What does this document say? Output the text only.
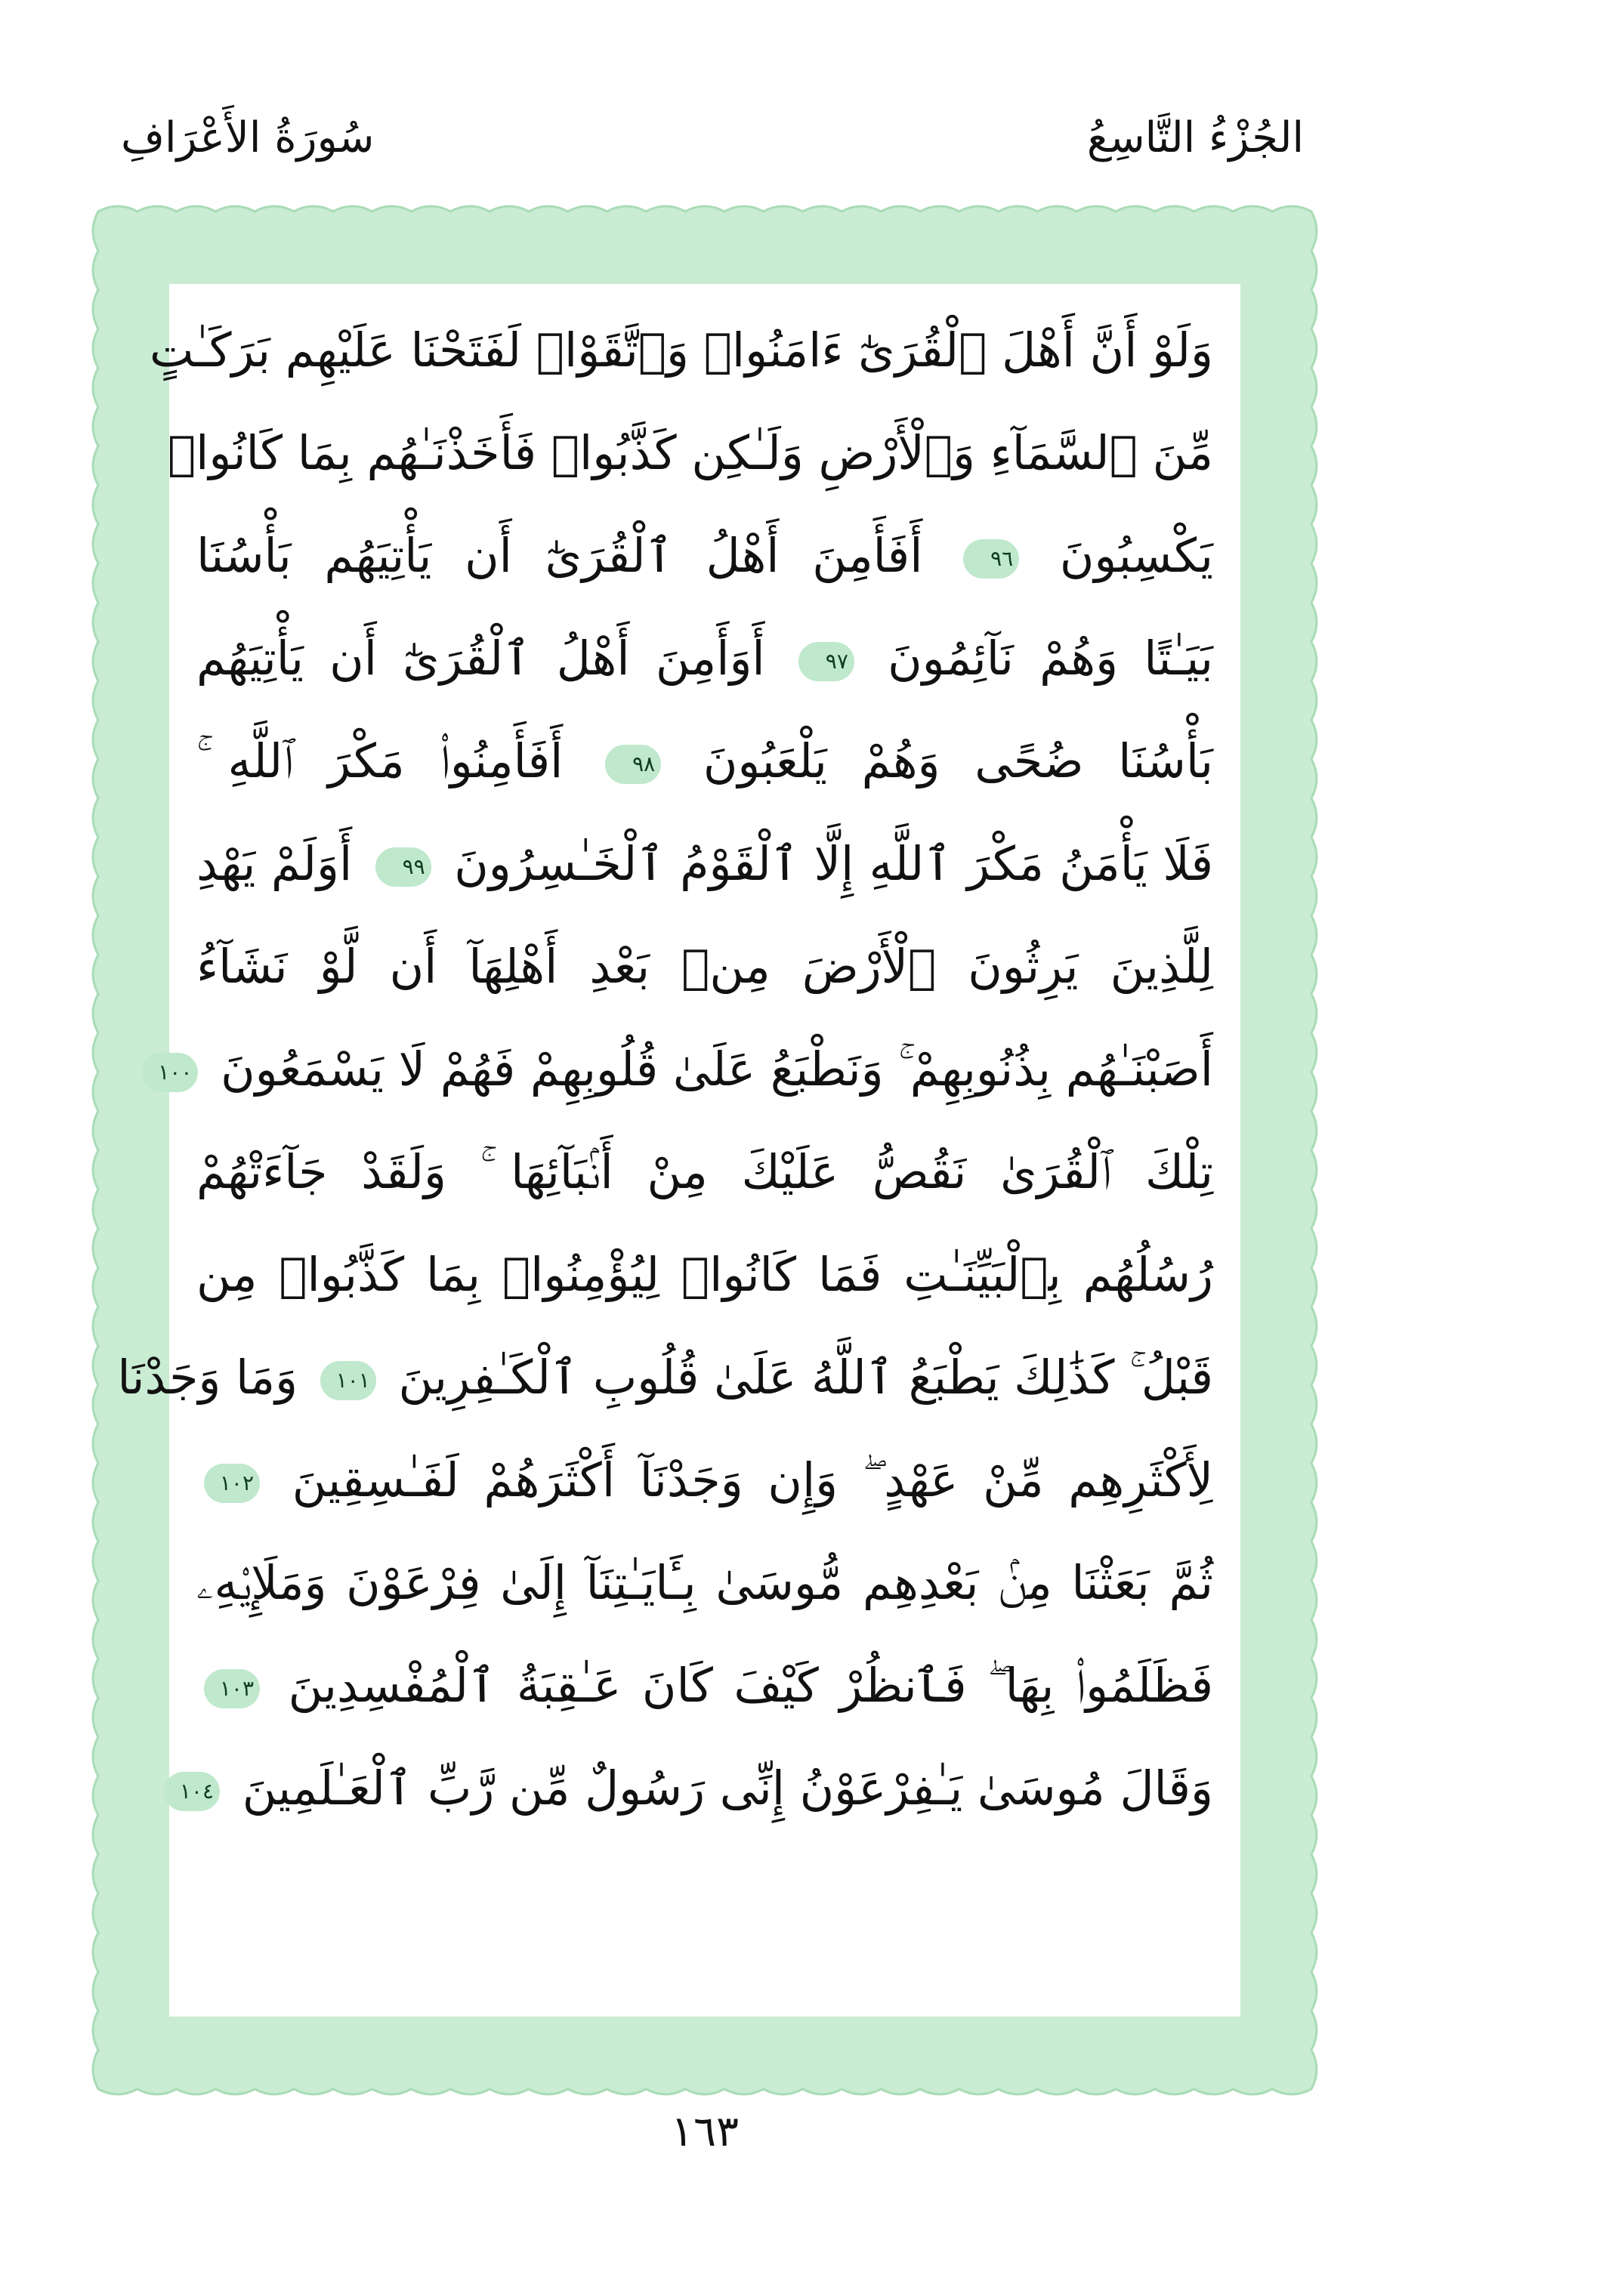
الجُزْءُ التَّاسِعُ
سُورَةُ الأَعْرَافِ
وَلَوْ أَنَّ أَهْلَ ٱلْقُرَىٰٓ ءَامَنُوا۟ وَٱتَّقَوْا۟ لَفَتَحْنَا عَلَيْهِم بَرَكَـٰتٍ
مِّنَ ٱلسَّمَآءِ وَٱلْأَرْضِ وَلَـٰكِن كَذَّبُوا۟ فَأَخَذْنَـٰهُم بِمَا كَانُوا۟
يَكْسِبُونَ ٩٦ أَفَأَمِنَ أَهْلُ ٱلْقُرَىٰٓ أَن يَأْتِيَهُم بَأْسُنَا
بَيَـٰتًا وَهُمْ نَآئِمُونَ ٩٧ أَوَأَمِنَ أَهْلُ ٱلْقُرَىٰٓ أَن يَأْتِيَهُم
بَأْسُنَا ضُحًى وَهُمْ يَلْعَبُونَ ٩٨ أَفَأَمِنُوا۟ مَكْرَ ٱللَّهِ ۚ
فَلَا يَأْمَنُ مَكْرَ ٱللَّهِ إِلَّا ٱلْقَوْمُ ٱلْخَـٰسِرُونَ ٩٩ أَوَلَمْ يَهْدِ
لِلَّذِينَ يَرِثُونَ ٱلْأَرْضَ مِنۢ بَعْدِ أَهْلِهَآ أَن لَّوْ نَشَآءُ
أَصَبْنَـٰهُم بِذُنُوبِهِمْ ۚ وَنَطْبَعُ عَلَىٰ قُلُوبِهِمْ فَهُمْ لَا يَسْمَعُونَ ١٠٠
تِلْكَ ٱلْقُرَىٰ نَقُصُّ عَلَيْكَ مِنْ أَنۢبَآئِهَا ۚ وَلَقَدْ جَآءَتْهُمْ
رُسُلُهُم بِٱلْبَيِّنَـٰتِ فَمَا كَانُوا۟ لِيُؤْمِنُوا۟ بِمَا كَذَّبُوا۟ مِن
قَبْلُ ۚ كَذَٰلِكَ يَطْبَعُ ٱللَّهُ عَلَىٰ قُلُوبِ ٱلْكَـٰفِرِينَ ١٠١ وَمَا وَجَدْنَا
لِأَكْثَرِهِم مِّنْ عَهْدٍ ۖ وَإِن وَجَدْنَآ أَكْثَرَهُمْ لَفَـٰسِقِينَ ١٠٢
ثُمَّ بَعَثْنَا مِنۢ بَعْدِهِم مُّوسَىٰ بِـَٔايَـٰتِنَآ إِلَىٰ فِرْعَوْنَ وَمَلَإِي۟هِۦ
فَظَلَمُوا۟ بِهَا ۖ فَٱنظُرْ كَيْفَ كَانَ عَـٰقِبَةُ ٱلْمُفْسِدِينَ ١٠٣
وَقَالَ مُوسَىٰ يَـٰفِرْعَوْنُ إِنِّى رَسُولٌ مِّن رَّبِّ ٱلْعَـٰلَمِينَ ١٠٤
١٦٣
